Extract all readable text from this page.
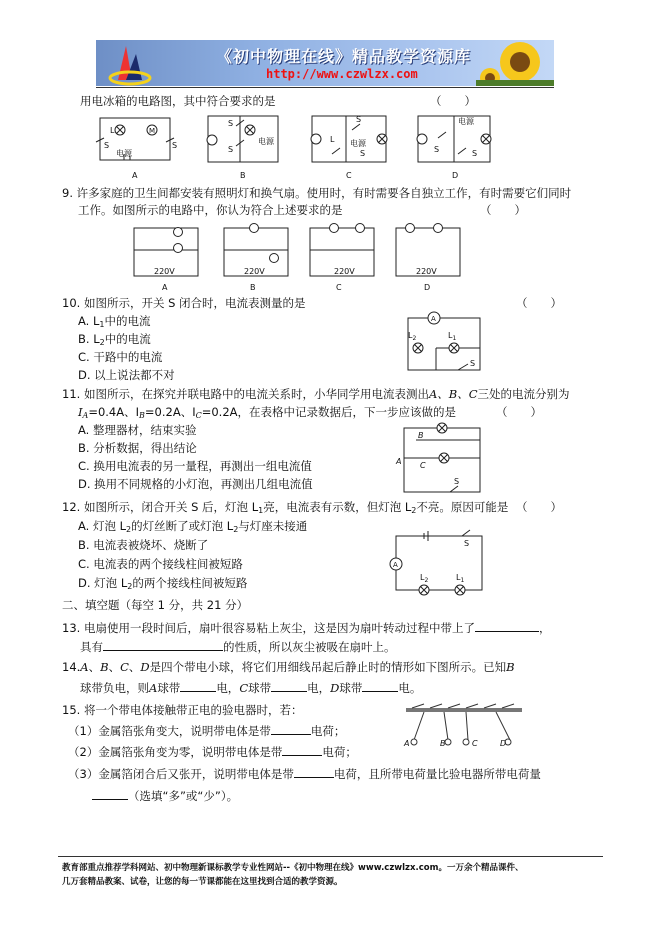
《初中物理在线》精品教学资源库
http://www.czwlzx.com
用电冰箱的电路图，其中符合要求的是	（　　）
L	M
S	S
电源
S
电源
S
S
L 电源
S
电源
S	S
A	B	C	D
9. 许多家庭的卫生间都安装有照明灯和换气扇。使用时，有时需要各自独立工作，有时需要它们同时
工作。如图所示的电路中，你认为符合上述要求的是	（　　）
220V	220V	220V	220V
A	B	C	D
10. 如图所示，开关 S 闭合时，电流表测量的是	（　　）
A. $L_1$中的电流
B. $L_2$中的电流
C. 干路中的电流
D. 以上说法都不对
A
$L_2$	$L_1$
S
11. 如图所示，在探究并联电路中的电流关系时，小华同学用电流表测出A、B、C三处的电流分别为
$I_A=0.4A$、$I_B=0.2A$、$I_C=0.2A$，在表格中记录数据后，下一步应该做的是	（　　）
A. 整理器材，结束实验
B. 分析数据，得出结论
C. 换用电流表的另一量程，再测出一组电流值
D. 换用不同规格的小灯泡，再测出几组电流值
B
A C
S
12. 如图所示，闭合开关 S 后，灯泡 $L_1$亮，电流表有示数，但灯泡 $L_2$不亮。原因可能是 （　　）
A. 灯泡 $L_2$的灯丝断了或灯泡 $L_2$与灯座未接通
B. 电流表被烧坏、烧断了
C. 电流表的两个接线柱间被短路
D. 灯泡 $L_2$的两个接线柱间被短路
A
S
$L_2$	$L_1$
二、填空题（每空 1 分，共 21 分）
13. 电扇使用一段时间后，扇叶很容易粘上灰尘，这是因为扇叶转动过程中带上了	，
具有	的性质，所以灰尘被吸在扇叶上。
14.A、B、C、D是四个带电小球，将它们用细线吊起后静止时的情形如下图所示。已知B
球带负电，则A球带	电，C球带	电，D球带	电。
15. 将一个带电体接触带正电的验电器时，若：
（1）金属箔张角变大，说明带电体是带	电荷；
（2）金属箔张角变为零，说明带电体是带	电荷；
（3）金属箔闭合后又张开，说明带电体是带	电荷，且所带电荷量比验电器所带电荷量
（选填“多”或“少”）。
A	B	C	D
教育部重点推荐学科网站、初中物理新课标教学专业性网站--《初中物理在线》www.czwlzx.com。一万余个精品课件、
几万套精品教案、试卷，让您的每一节课都能在这里找到合适的教学资源。
